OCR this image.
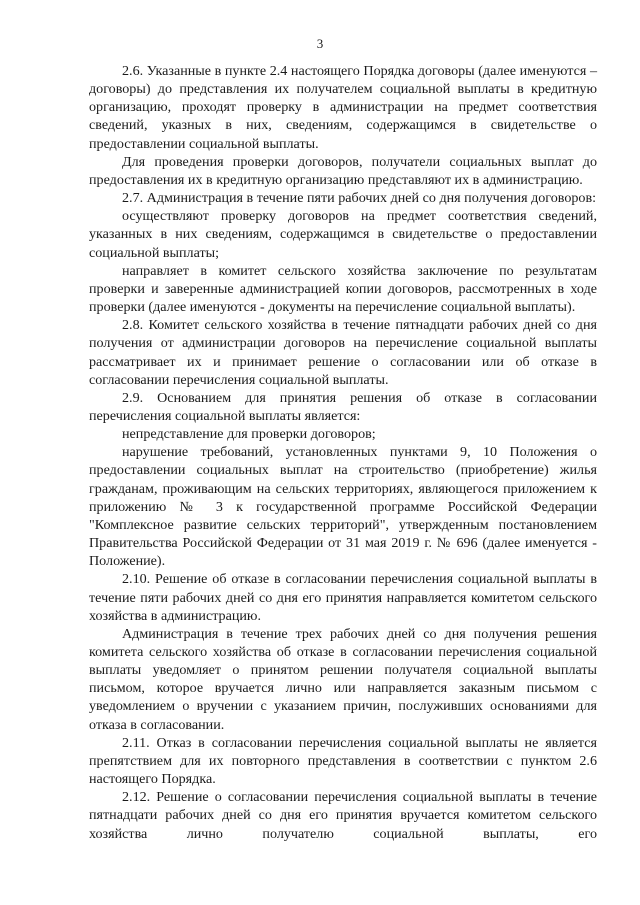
3

2.6. Указанные в пункте 2.4 настоящего Порядка договоры (далее именуются – договоры) до представления их получателем социальной выплаты в кредитную организацию, проходят проверку в администрации на предмет соответствия сведений, указных в них, сведениям, содержащимся в свидетельстве о предоставлении социальной выплаты.

Для проведения проверки договоров, получатели социальных выплат до предоставления их в кредитную организацию представляют их в администрацию.

2.7. Администрация в течение пяти рабочих дней со дня получения договоров:

осуществляют проверку договоров на предмет соответствия сведений, указанных в них сведениям, содержащимся в свидетельстве о предоставлении социальной выплаты;

направляет в комитет сельского хозяйства заключение по результатам проверки и заверенные администрацией копии договоров, рассмотренных в ходе проверки (далее именуются - документы на перечисление социальной выплаты).

2.8. Комитет сельского хозяйства в течение пятнадцати рабочих дней со дня получения от администрации договоров на перечисление социальной выплаты рассматривает их и принимает решение о согласовании или об отказе в согласовании перечисления социальной выплаты.

2.9. Основанием для принятия решения об отказе в согласовании перечисления социальной выплаты является:

непредставление для проверки договоров;

нарушение требований, установленных пунктами 9, 10 Положения о предоставлении социальных выплат на строительство (приобретение) жилья гражданам, проживающим на сельских территориях, являющегося приложением к приложению № 3 к государственной программе Российской Федерации "Комплексное развитие сельских территорий", утвержденным постановлением Правительства Российской Федерации от 31 мая 2019 г. № 696 (далее именуется - Положение).

2.10. Решение об отказе в согласовании перечисления социальной выплаты в течение пяти рабочих дней со дня его принятия направляется комитетом сельского хозяйства в администрацию.

Администрация в течение трех рабочих дней со дня получения решения комитета сельского хозяйства об отказе в согласовании перечисления социальной выплаты уведомляет о принятом решении получателя социальной выплаты письмом, которое вручается лично или направляется заказным письмом с уведомлением о вручении с указанием причин, послуживших основаниями для отказа в согласовании.

2.11. Отказ в согласовании перечисления социальной выплаты не является препятствием для их повторного представления в соответствии с пунктом 2.6 настоящего Порядка.

2.12. Решение о согласовании перечисления социальной выплаты в течение пятнадцати рабочих дней со дня его принятия вручается комитетом сельского хозяйства лично получателю социальной выплаты, его
